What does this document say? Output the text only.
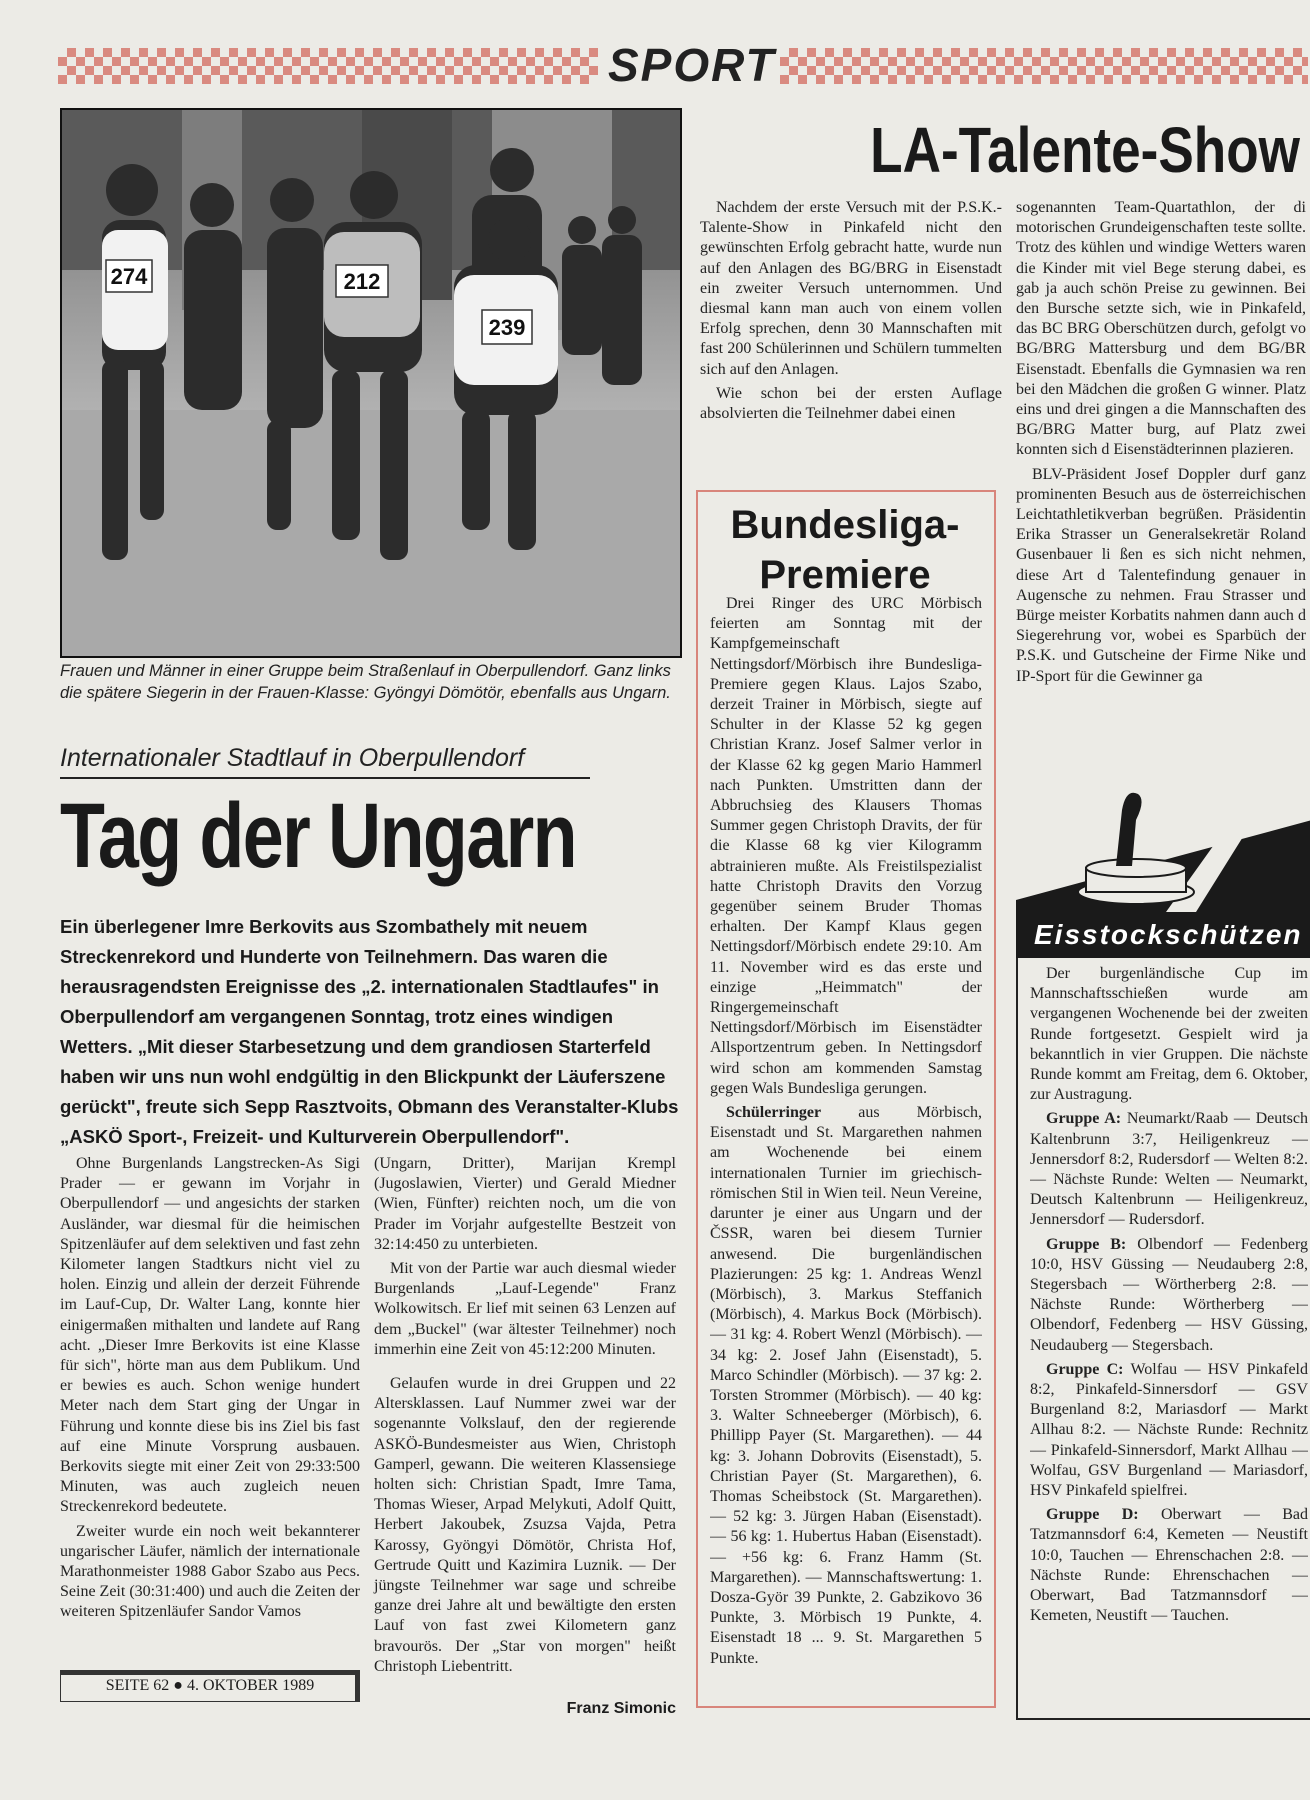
SPORT
274	212
239
Frauen und Männer in einer Gruppe beim Straßenlauf in Oberpullendorf. Ganz links die spätere Siegerin in der Frauen-Klasse: Gyöngyi Dömötör, ebenfalls aus Ungarn.
Internationaler Stadtlauf in Oberpullendorf
Tag der Ungarn
Ein überlegener Imre Berkovits aus Szombathely mit neuem Streckenrekord und Hunderte von Teilnehmern. Das waren die herausragendsten Ereignisse des „2. internationalen Stadtlaufes" in Oberpullendorf am vergangenen Sonntag, trotz eines windigen Wetters. „Mit dieser Starbesetzung und dem grandiosen Starterfeld haben wir uns nun wohl endgültig in den Blickpunkt der Läuferszene gerückt", freute sich Sepp Rasztvoits, Obmann des Veranstalter-Klubs „ASKÖ Sport-, Freizeit- und Kulturverein Oberpullendorf".

Ohne Burgenlands Langstrecken-As Sigi Prader — er gewann im Vorjahr in Oberpullendorf — und angesichts der starken Ausländer, war diesmal für die heimischen Spitzenläufer auf dem selektiven und fast zehn Kilometer langen Stadtkurs nicht viel zu holen. Einzig und allein der derzeit Führende im Lauf-Cup, Dr. Walter Lang, konnte hier einigermaßen mithalten und landete auf Rang acht. „Dieser Imre Berkovits ist eine Klasse für sich", hörte man aus dem Publikum. Und er bewies es auch. Schon wenige hundert Meter nach dem Start ging der Ungar in Führung und konnte diese bis ins Ziel bis fast auf eine Minute Vorsprung ausbauen. Berkovits siegte mit einer Zeit von 29:33:500 Minuten, was auch zugleich neuen Streckenrekord bedeutete.

Zweiter wurde ein noch weit bekannterer ungarischer Läufer, nämlich der internationale Marathonmeister 1988 Gabor Szabo aus Pecs. Seine Zeit (30:31:400) und auch die Zeiten der weiteren Spitzenläufer Sandor Vamos

(Ungarn, Dritter), Marijan Krempl (Jugoslawien, Vierter) und Gerald Miedner (Wien, Fünfter) reichten noch, um die von Prader im Vorjahr aufgestellte Bestzeit von 32:14:450 zu unterbieten.

Mit von der Partie war auch diesmal wieder Burgenlands „Lauf-Legende" Franz Wolkowitsch. Er lief mit seinen 63 Lenzen auf dem „Buckel" (war ältester Teilnehmer) noch immerhin eine Zeit von 45:12:200 Minuten.

Gelaufen wurde in drei Gruppen und 22 Altersklassen. Lauf Nummer zwei war der sogenannte Volkslauf, den der regierende ASKÖ-Bundesmeister aus Wien, Christoph Gamperl, gewann. Die weiteren Klassensiege holten sich: Christian Spadt, Imre Tama, Thomas Wieser, Arpad Melykuti, Adolf Quitt, Herbert Jakoubek, Zsuzsa Vajda, Petra Karossy, Gyöngyi Dömötör, Christa Hof, Gertrude Quitt und Kazimira Luznik. — Der jüngste Teilnehmer war sage und schreibe ganze drei Jahre alt und bewältigte den ersten Lauf von fast zwei Kilometern ganz bravourös. Der „Star von morgen" heißt Christoph Liebentritt.

Franz Simonic
SEITE 62 ● 4. OKTOBER 1989
LA-Talente-Show

Nachdem der erste Versuch mit der P.S.K.-Talente-Show in Pinkafeld nicht den gewünschten Erfolg gebracht hatte, wurde nun auf den Anlagen des BG/BRG in Eisenstadt ein zweiter Versuch unternommen. Und diesmal kann man auch von einem vollen Erfolg sprechen, denn 30 Mannschaften mit fast 200 Schülerinnen und Schülern tummelten sich auf den Anlagen.

Wie schon bei der ersten Auflage absolvierten die Teilnehmer dabei einen

sogenannten Team-Quartathlon, der di motorischen Grundeigenschaften teste sollte. Trotz des kühlen und windige Wetters waren die Kinder mit viel Bege sterung dabei, es gab ja auch schön Preise zu gewinnen. Bei den Bursche setzte sich, wie in Pinkafeld, das BC BRG Oberschützen durch, gefolgt vo BG/BRG Mattersburg und dem BG/BR Eisenstadt. Ebenfalls die Gymnasien wa ren bei den Mädchen die großen G winner. Platz eins und drei gingen a die Mannschaften des BG/BRG Matter burg, auf Platz zwei konnten sich d Eisenstädterinnen plazieren.

BLV-Präsident Josef Doppler durf ganz prominenten Besuch aus de österreichischen Leichtathletikverban begrüßen. Präsidentin Erika Strasser un Generalsekretär Roland Gusenbauer li ßen es sich nicht nehmen, diese Art d Talentefindung genauer in Augensche zu nehmen. Frau Strasser und Bürge meister Korbatits nahmen dann auch d Siegerehrung vor, wobei es Sparbüch der P.S.K. und Gutscheine der Firme Nike und IP-Sport für die Gewinner ga

Bundesliga-
Premiere

Drei Ringer des URC Mörbisch feierten am Sonntag mit der Kampfgemeinschaft Nettingsdorf/Mörbisch ihre Bundesliga-Premiere gegen Klaus. Lajos Szabo, derzeit Trainer in Mörbisch, siegte auf Schulter in der Klasse 52 kg gegen Christian Kranz. Josef Salmer verlor in der Klasse 62 kg gegen Mario Hammerl nach Punkten. Umstritten dann der Abbruchsieg des Klausers Thomas Summer gegen Christoph Dravits, der für die Klasse 68 kg vier Kilogramm abtrainieren mußte. Als Freistilspezialist hatte Christoph Dravits den Vorzug gegenüber seinem Bruder Thomas erhalten. Der Kampf Klaus gegen Nettingsdorf/Mörbisch endete 29:10. Am 11. November wird es das erste und einzige „Heimmatch" der Ringergemeinschaft Nettingsdorf/Mörbisch im Eisenstädter Allsportzentrum geben. In Nettingsdorf wird schon am kommenden Samstag gegen Wals Bundesliga gerungen.

Schülerringer aus Mörbisch, Eisenstadt und St. Margarethen nahmen am Wochenende bei einem internationalen Turnier im griechisch-römischen Stil in Wien teil. Neun Vereine, darunter je einer aus Ungarn und der ČSSR, waren bei diesem Turnier anwesend. Die burgenländischen Plazierungen: 25 kg: 1. Andreas Wenzl (Mörbisch), 3. Markus Steffanich (Mörbisch), 4. Markus Bock (Mörbisch). — 31 kg: 4. Robert Wenzl (Mörbisch). — 34 kg: 2. Josef Jahn (Eisenstadt), 5. Marco Schindler (Mörbisch). — 37 kg: 2. Torsten Strommer (Mörbisch). — 40 kg: 3. Walter Schneeberger (Mörbisch), 6. Phillipp Payer (St. Margarethen). — 44 kg: 3. Johann Dobrovits (Eisenstadt), 5. Christian Payer (St. Margarethen), 6. Thomas Scheibstock (St. Margarethen). — 52 kg: 3. Jürgen Haban (Eisenstadt). — 56 kg: 1. Hubertus Haban (Eisenstadt). — +56 kg: 6. Franz Hamm (St. Margarethen). — Mannschaftswertung: 1. Dosza-Györ 39 Punkte, 2. Gabzikovo 36 Punkte, 3. Mörbisch 19 Punkte, 4. Eisenstadt 18 ... 9. St. Margarethen 5 Punkte.

Eisstockschützen

Der burgenländische Cup im Mannschaftsschießen wurde am vergangenen Wochenende bei der zweiten Runde fortgesetzt. Gespielt wird ja bekanntlich in vier Gruppen. Die nächste Runde kommt am Freitag, dem 6. Oktober, zur Austragung.

Gruppe A: Neumarkt/Raab — Deutsch Kaltenbrunn 3:7, Heiligenkreuz — Jennersdorf 8:2, Rudersdorf — Welten 8:2. — Nächste Runde: Welten — Neumarkt, Deutsch Kaltenbrunn — Heiligenkreuz, Jennersdorf — Rudersdorf.

Gruppe B: Olbendorf — Fedenberg 10:0, HSV Güssing — Neudauberg 2:8, Stegersbach — Wörtherberg 2:8. — Nächste Runde: Wörtherberg — Olbendorf, Fedenberg — HSV Güssing, Neudauberg — Stegersbach.

Gruppe C: Wolfau — HSV Pinkafeld 8:2, Pinkafeld-Sinnersdorf — GSV Burgenland 8:2, Mariasdorf — Markt Allhau 8:2. — Nächste Runde: Rechnitz — Pinkafeld-Sinnersdorf, Markt Allhau — Wolfau, GSV Burgenland — Mariasdorf, HSV Pinkafeld spielfrei.

Gruppe D: Oberwart — Bad Tatzmannsdorf 6:4, Kemeten — Neustift 10:0, Tauchen — Ehrenschachen 2:8. — Nächste Runde: Ehrenschachen — Oberwart, Bad Tatzmannsdorf — Kemeten, Neustift — Tauchen.
